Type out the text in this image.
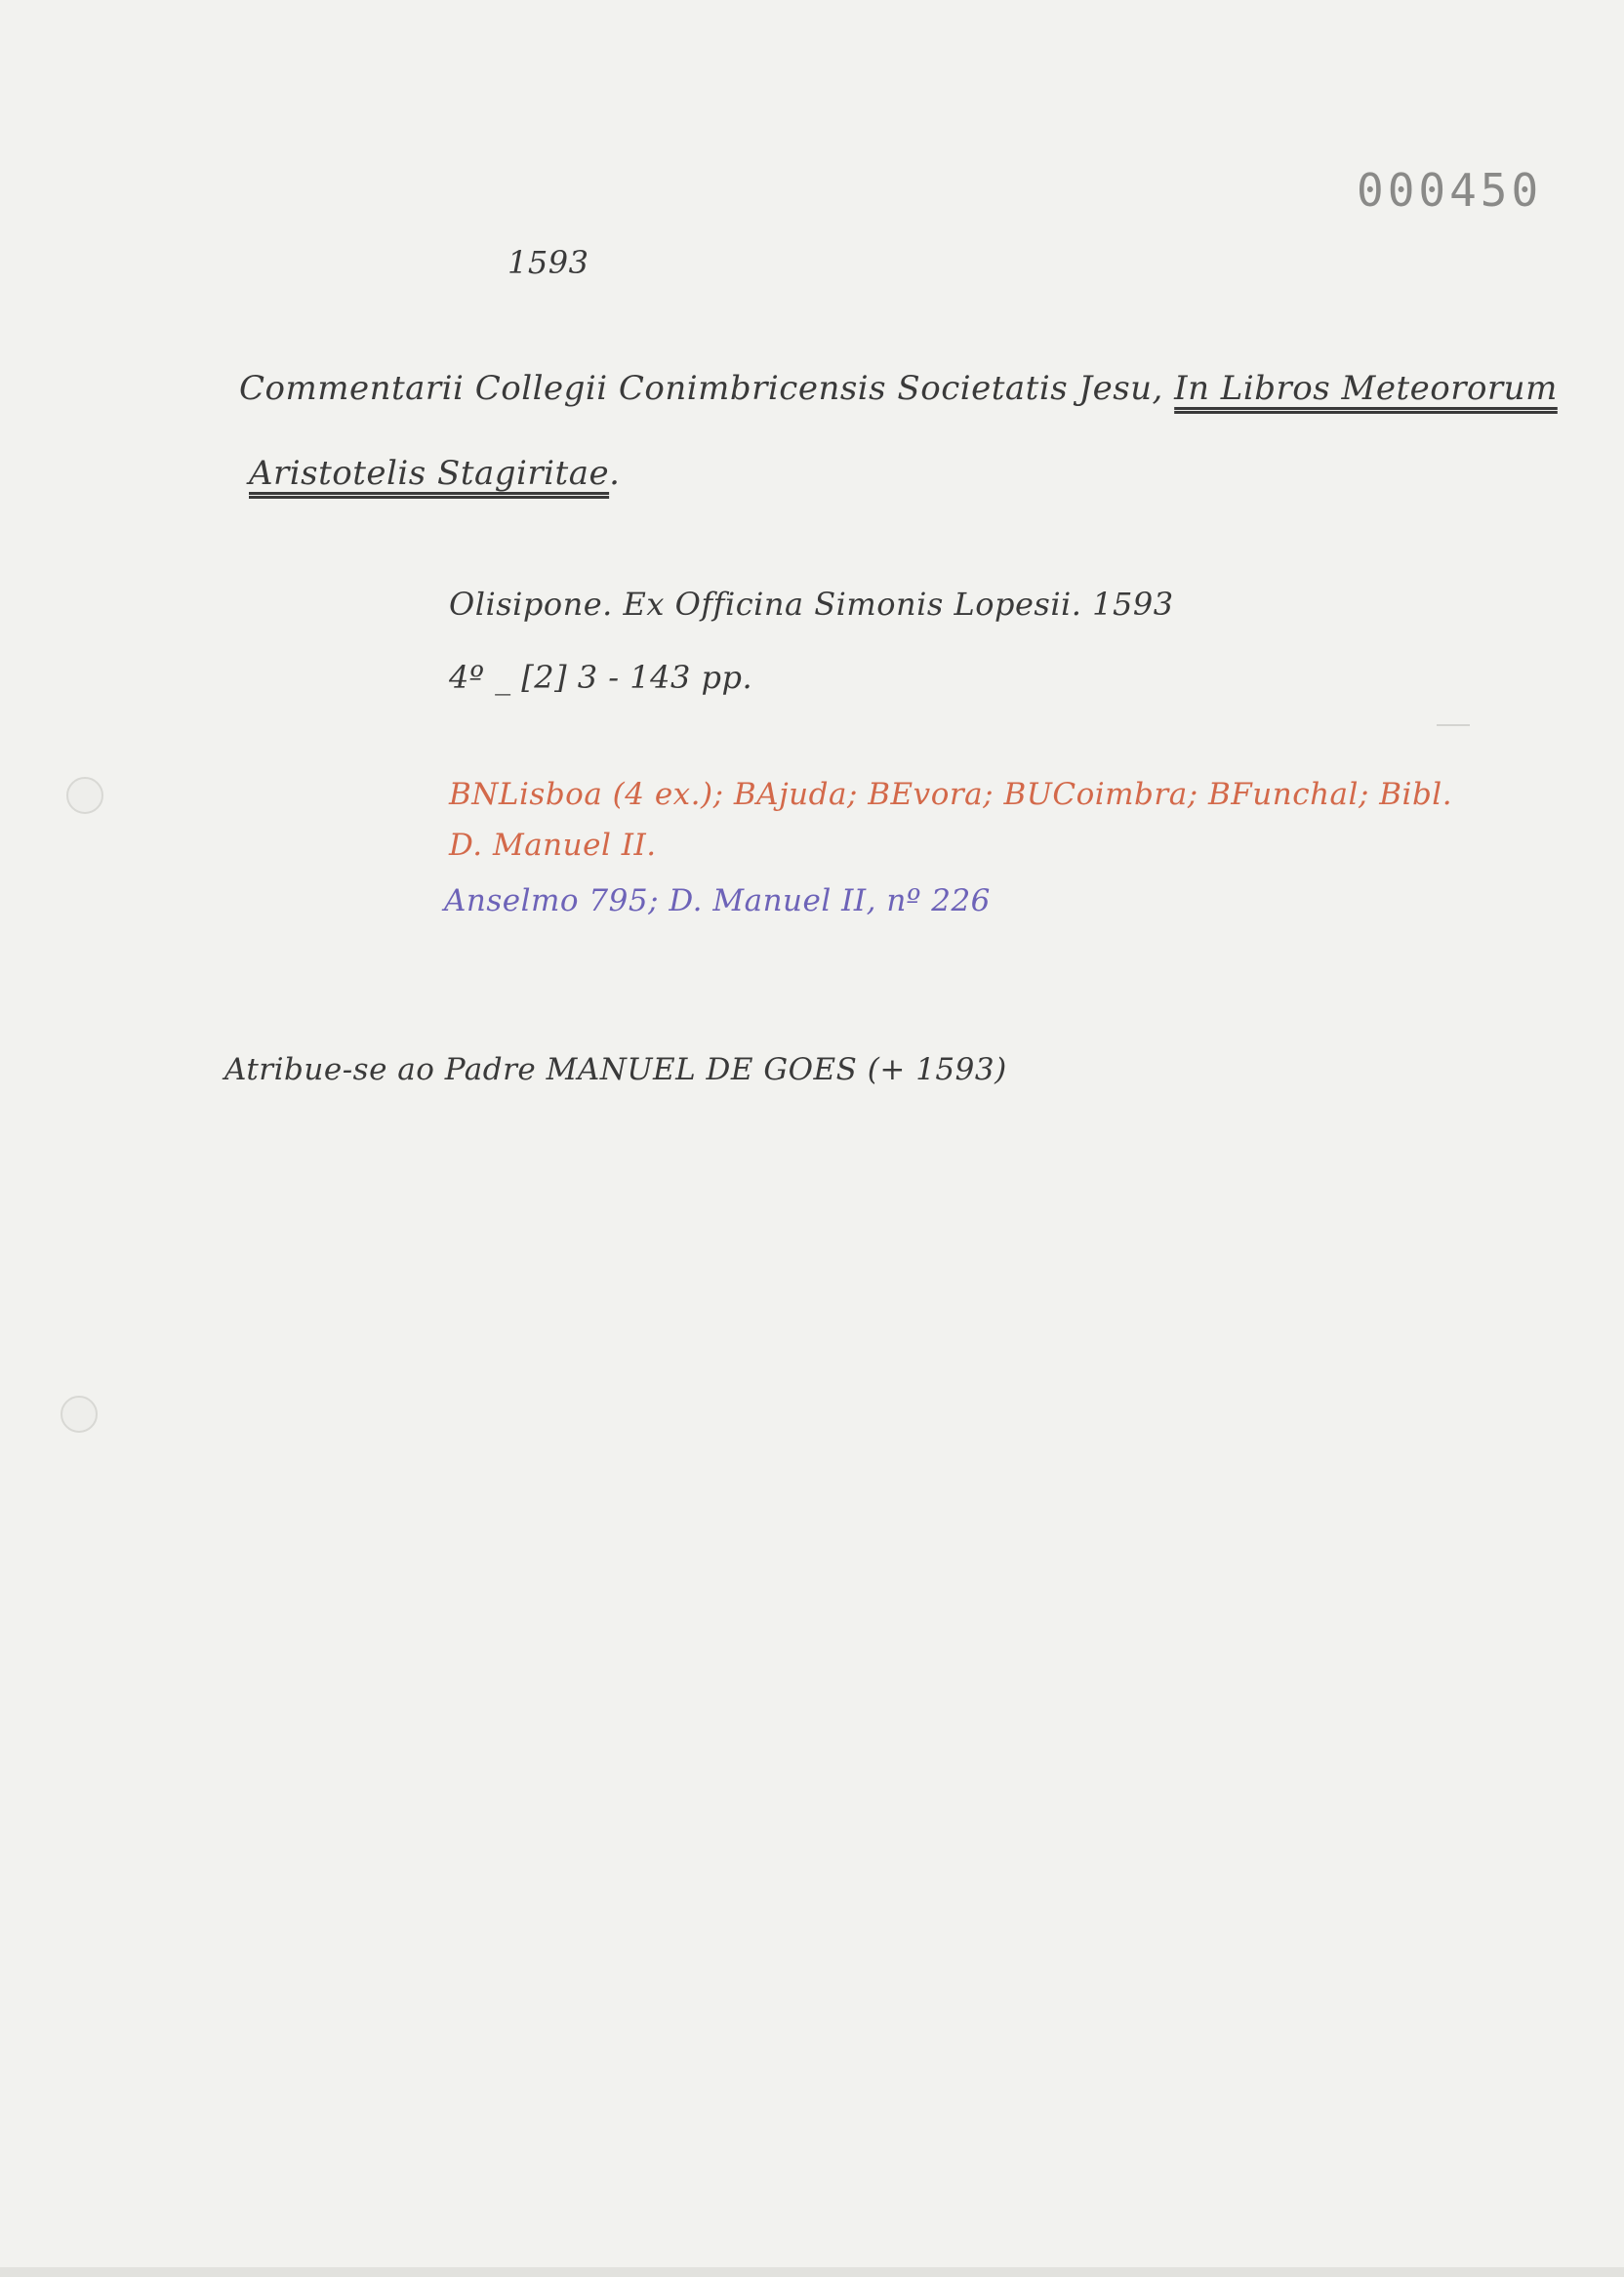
000450
1593
Commentarii Collegii Conimbricensis Societatis Jesu, In Libros Meteororum
Aristotelis Stagiritae.
Olisipone. Ex Officina Simonis Lopesii. 1593
4º _ [2] 3 - 143 pp.
BNLisboa (4 ex.); BAjuda; BEvora; BUCoimbra; BFunchal; Bibl.
D. Manuel II.
Anselmo 795; D. Manuel II, nº 226
Atribue-se ao Padre MANUEL DE GOES (+ 1593)
